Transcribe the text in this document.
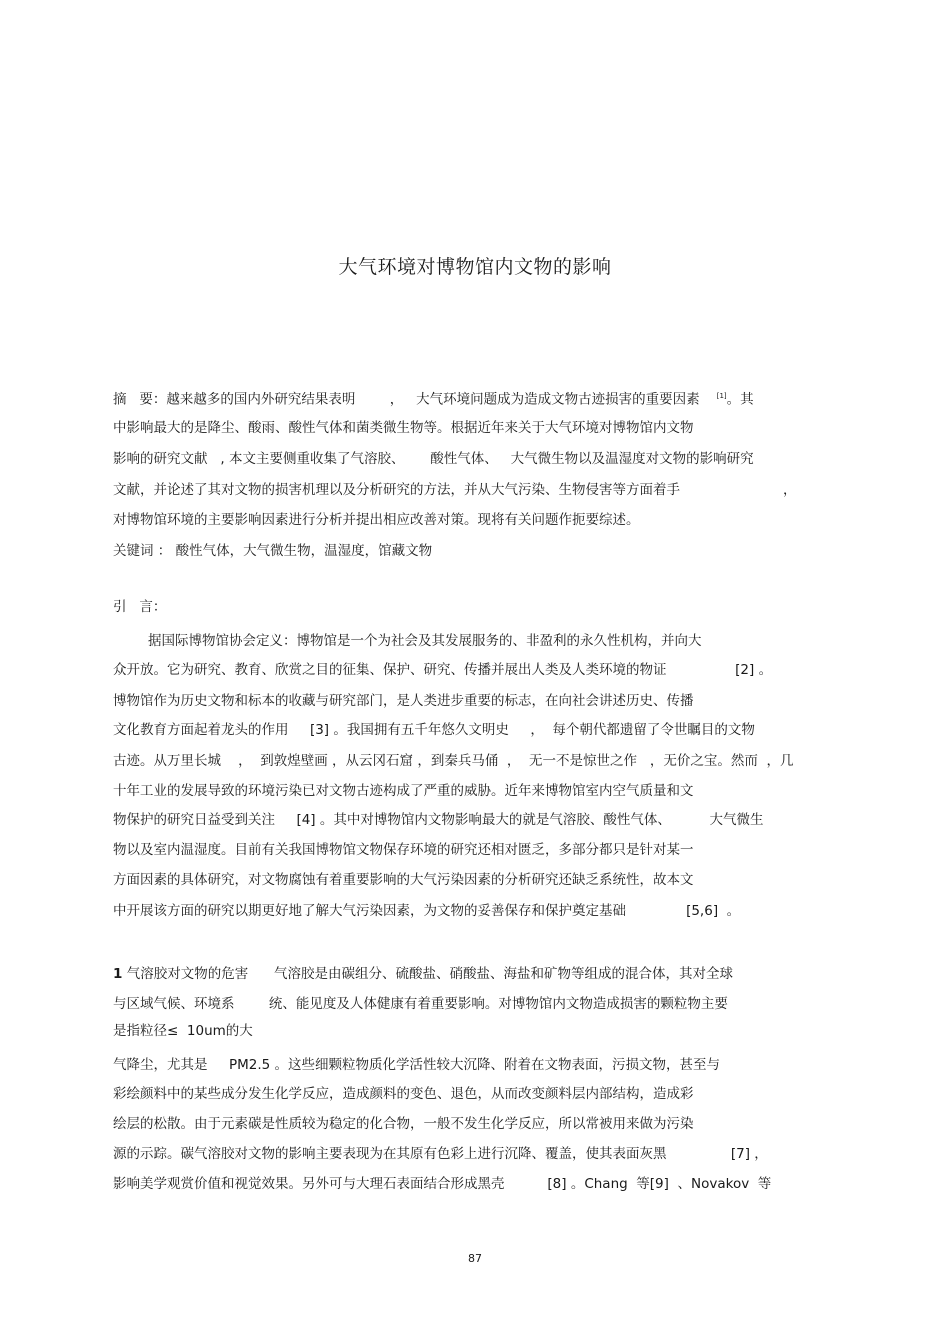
大气环境对博物馆内文物的影响
摘   要：越来越多的国内外研究结果表明        ，   大气环境问题成为造成文物古迹损害的重要因素 [1]。其
中影响最大的是降尘、酸雨、酸性气体和菌类微生物等。根据近年来关于大气环境对博物馆内文物
影响的研究文献   , 本文主要侧重收集了气溶胶、      酸性气体、   大气微生物以及温湿度对文物的影响研究
文献，并论述了其对文物的损害机理以及分析研究的方法，并从大气污染、生物侵害等方面着手                        ，
对博物馆环境的主要影响因素进行分析并提出相应改善对策。现将有关问题作扼要综述。
关键词 ： 酸性气体，大气微生物，温湿度，馆藏文物
引   言：
据国际博物馆协会定义：博物馆是一个为社会及其发展服务的、非盈利的永久性机构，并向大
众开放。它为研究、教育、欣赏之目的征集、保护、研究、传播并展出人类及人类环境的物证                [2] 。
博物馆作为历史文物和标本的收藏与研究部门，是人类进步重要的标志，在向社会讲述历史、传播
文化教育方面起着龙头的作用     [3] 。我国拥有五千年悠久文明史     ，  每个朝代都遗留了令世瞩目的文物
古迹。从万里长城    ，  到敦煌壁画 ，从云冈石窟 ，到秦兵马俑  ，  无一不是惊世之作   ，无价之宝。然而  ，几
十年工业的发展导致的环境污染已对文物古迹构成了严重的威胁。近年来博物馆室内空气质量和文
物保护的研究日益受到关注     [4] 。其中对博物馆内文物影响最大的就是气溶胶、酸性气体、         大气微生
物以及室内温湿度。目前有关我国博物馆文物保存环境的研究还相对匮乏，多部分都只是针对某一
方面因素的具体研究，对文物腐蚀有着重要影响的大气污染因素的分析研究还缺乏系统性，故本文
中开展该方面的研究以期更好地了解大气污染因素，为文物的妥善保存和保护奠定基础              [5,6]  。
1 气溶胶对文物的危害      气溶胶是由碳组分、硫酸盐、硝酸盐、海盐和矿物等组成的混合体，其对全球
与区域气候、环境系        统、能见度及人体健康有着重要影响。对博物馆内文物造成损害的颗粒物主要
是指粒径≤  10um的大
气降尘，尤其是     PM2.5 。这些细颗粒物质化学活性较大沉降、附着在文物表面，污损文物，甚至与
彩绘颜料中的某些成分发生化学反应，造成颜料的变色、退色，从而改变颜料层内部结构，造成彩
绘层的松散。由于元素碳是性质较为稳定的化合物，一般不发生化学反应，所以常被用来做为污染
源的示踪。碳气溶胶对文物的影响主要表现为在其原有色彩上进行沉降、覆盖，使其表面灰黑               [7] ，
影响美学观赏价值和视觉效果。另外可与大理石表面结合形成黑壳          [8] 。Chang  等[9]  、Novakov  等
87
